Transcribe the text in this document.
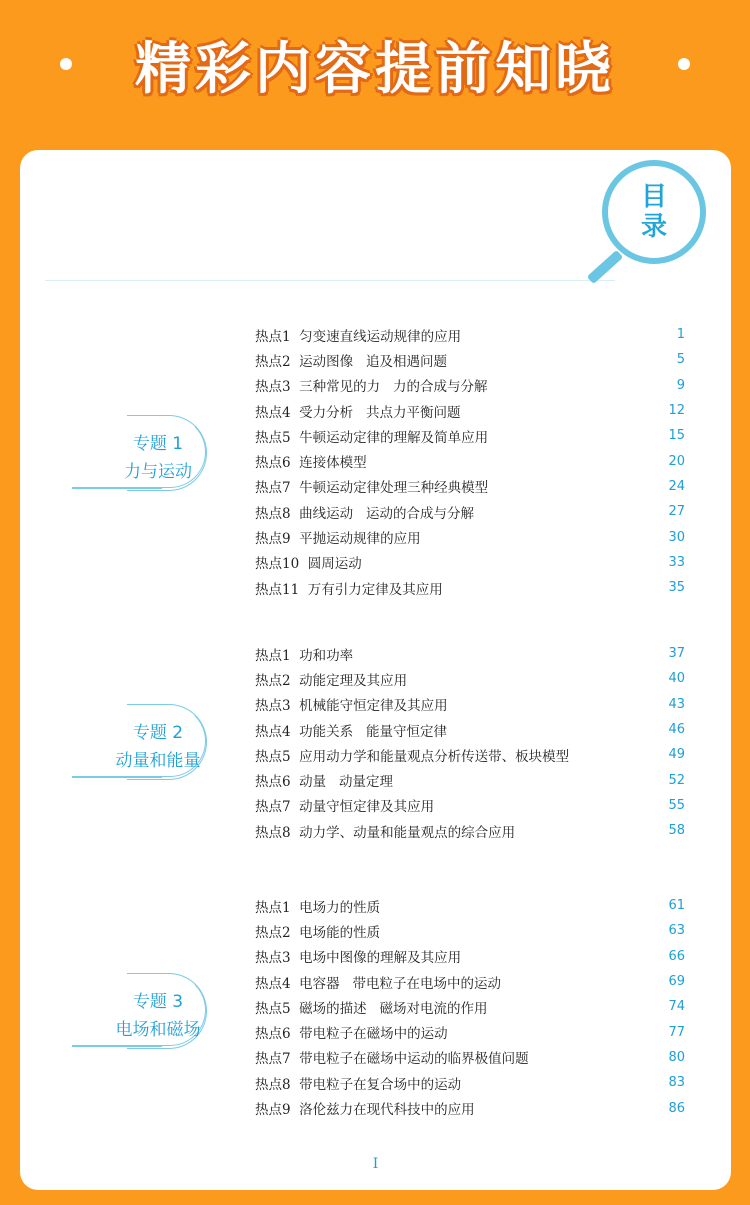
精彩内容提前知晓
目
录
专题 1
力与运动
热点1  匀变速直线运动规律的应用	1
热点2  运动图像   追及相遇问题	5
热点3  三种常见的力   力的合成与分解	9
热点4  受力分析   共点力平衡问题	12
热点5  牛顿运动定律的理解及简单应用	15
热点6  连接体模型	20
热点7  牛顿运动定律处理三种经典模型	24
热点8  曲线运动   运动的合成与分解	27
热点9  平抛运动规律的应用	30
热点10  圆周运动	33
热点11  万有引力定律及其应用	35
专题 2
动量和能量
热点1  功和功率	37
热点2  动能定理及其应用	40
热点3  机械能守恒定律及其应用	43
热点4  功能关系   能量守恒定律	46
热点5  应用动力学和能量观点分析传送带、板块模型	49
热点6  动量   动量定理	52
热点7  动量守恒定律及其应用	55
热点8  动力学、动量和能量观点的综合应用	58
专题 3
电场和磁场
热点1  电场力的性质	61
热点2  电场能的性质	63
热点3  电场中图像的理解及其应用	66
热点4  电容器   带电粒子在电场中的运动	69
热点5  磁场的描述   磁场对电流的作用	74
热点6  带电粒子在磁场中的运动	77
热点7  带电粒子在磁场中运动的临界极值问题	80
热点8  带电粒子在复合场中的运动	83
热点9  洛伦兹力在现代科技中的应用	86
I
